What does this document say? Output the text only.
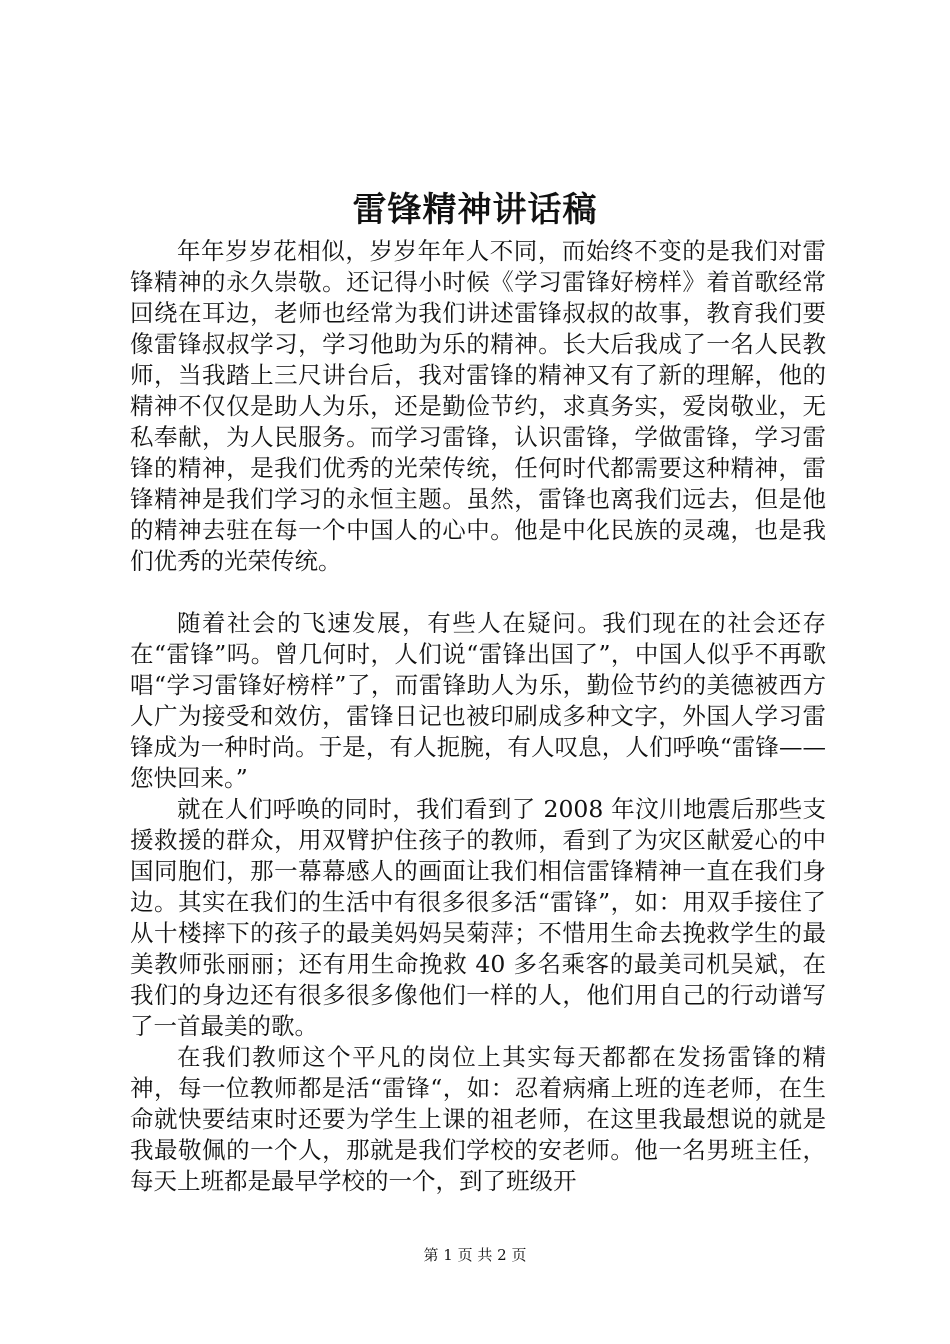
雷锋精神讲话稿

年年岁岁花相似，岁岁年年人不同，而始终不变的是我们对雷锋精神的永久崇敬。还记得小时候《学习雷锋好榜样》着首歌经常回绕在耳边，老师也经常为我们讲述雷锋叔叔的故事，教育我们要像雷锋叔叔学习，学习他助为乐的精神。长大后我成了一名人民教师，当我踏上三尺讲台后，我对雷锋的精神又有了新的理解，他的精神不仅仅是助人为乐，还是勤俭节约，求真务实，爱岗敬业，无私奉献，为人民服务。而学习雷锋，认识雷锋，学做雷锋，学习雷锋的精神，是我们优秀的光荣传统，任何时代都需要这种精神，雷锋精神是我们学习的永恒主题。虽然，雷锋也离我们远去，但是他的精神去驻在每一个中国人的心中。他是中化民族的灵魂，也是我们优秀的光荣传统。

随着社会的飞速发展，有些人在疑问。我们现在的社会还存在“雷锋”吗。曾几何时，人们说“雷锋出国了”，中国人似乎不再歌唱“学习雷锋好榜样”了，而雷锋助人为乐，勤俭节约的美德被西方人广为接受和效仿，雷锋日记也被印刷成多种文字，外国人学习雷锋成为一种时尚。于是，有人扼腕，有人叹息，人们呼唤“雷锋——您快回来。”

就在人们呼唤的同时，我们看到了 2008 年汶川地震后那些支援救援的群众，用双臂护住孩子的教师，看到了为灾区献爱心的中国同胞们，那一幕幕感人的画面让我们相信雷锋精神一直在我们身边。其实在我们的生活中有很多很多活“雷锋”，如：用双手接住了从十楼摔下的孩子的最美妈妈吴菊萍；不惜用生命去挽救学生的最美教师张丽丽；还有用生命挽救 40 多名乘客的最美司机吴斌，在我们的身边还有很多很多像他们一样的人，他们用自己的行动谱写了一首最美的歌。

在我们教师这个平凡的岗位上其实每天都都在发扬雷锋的精神，每一位教师都是活“雷锋“，如：忍着病痛上班的连老师，在生命就快要结束时还要为学生上课的祖老师，在这里我最想说的就是我最敬佩的一个人，那就是我们学校的安老师。他一名男班主任，每天上班都是最早学校的一个，到了班级开

第 1 页 共 2 页
